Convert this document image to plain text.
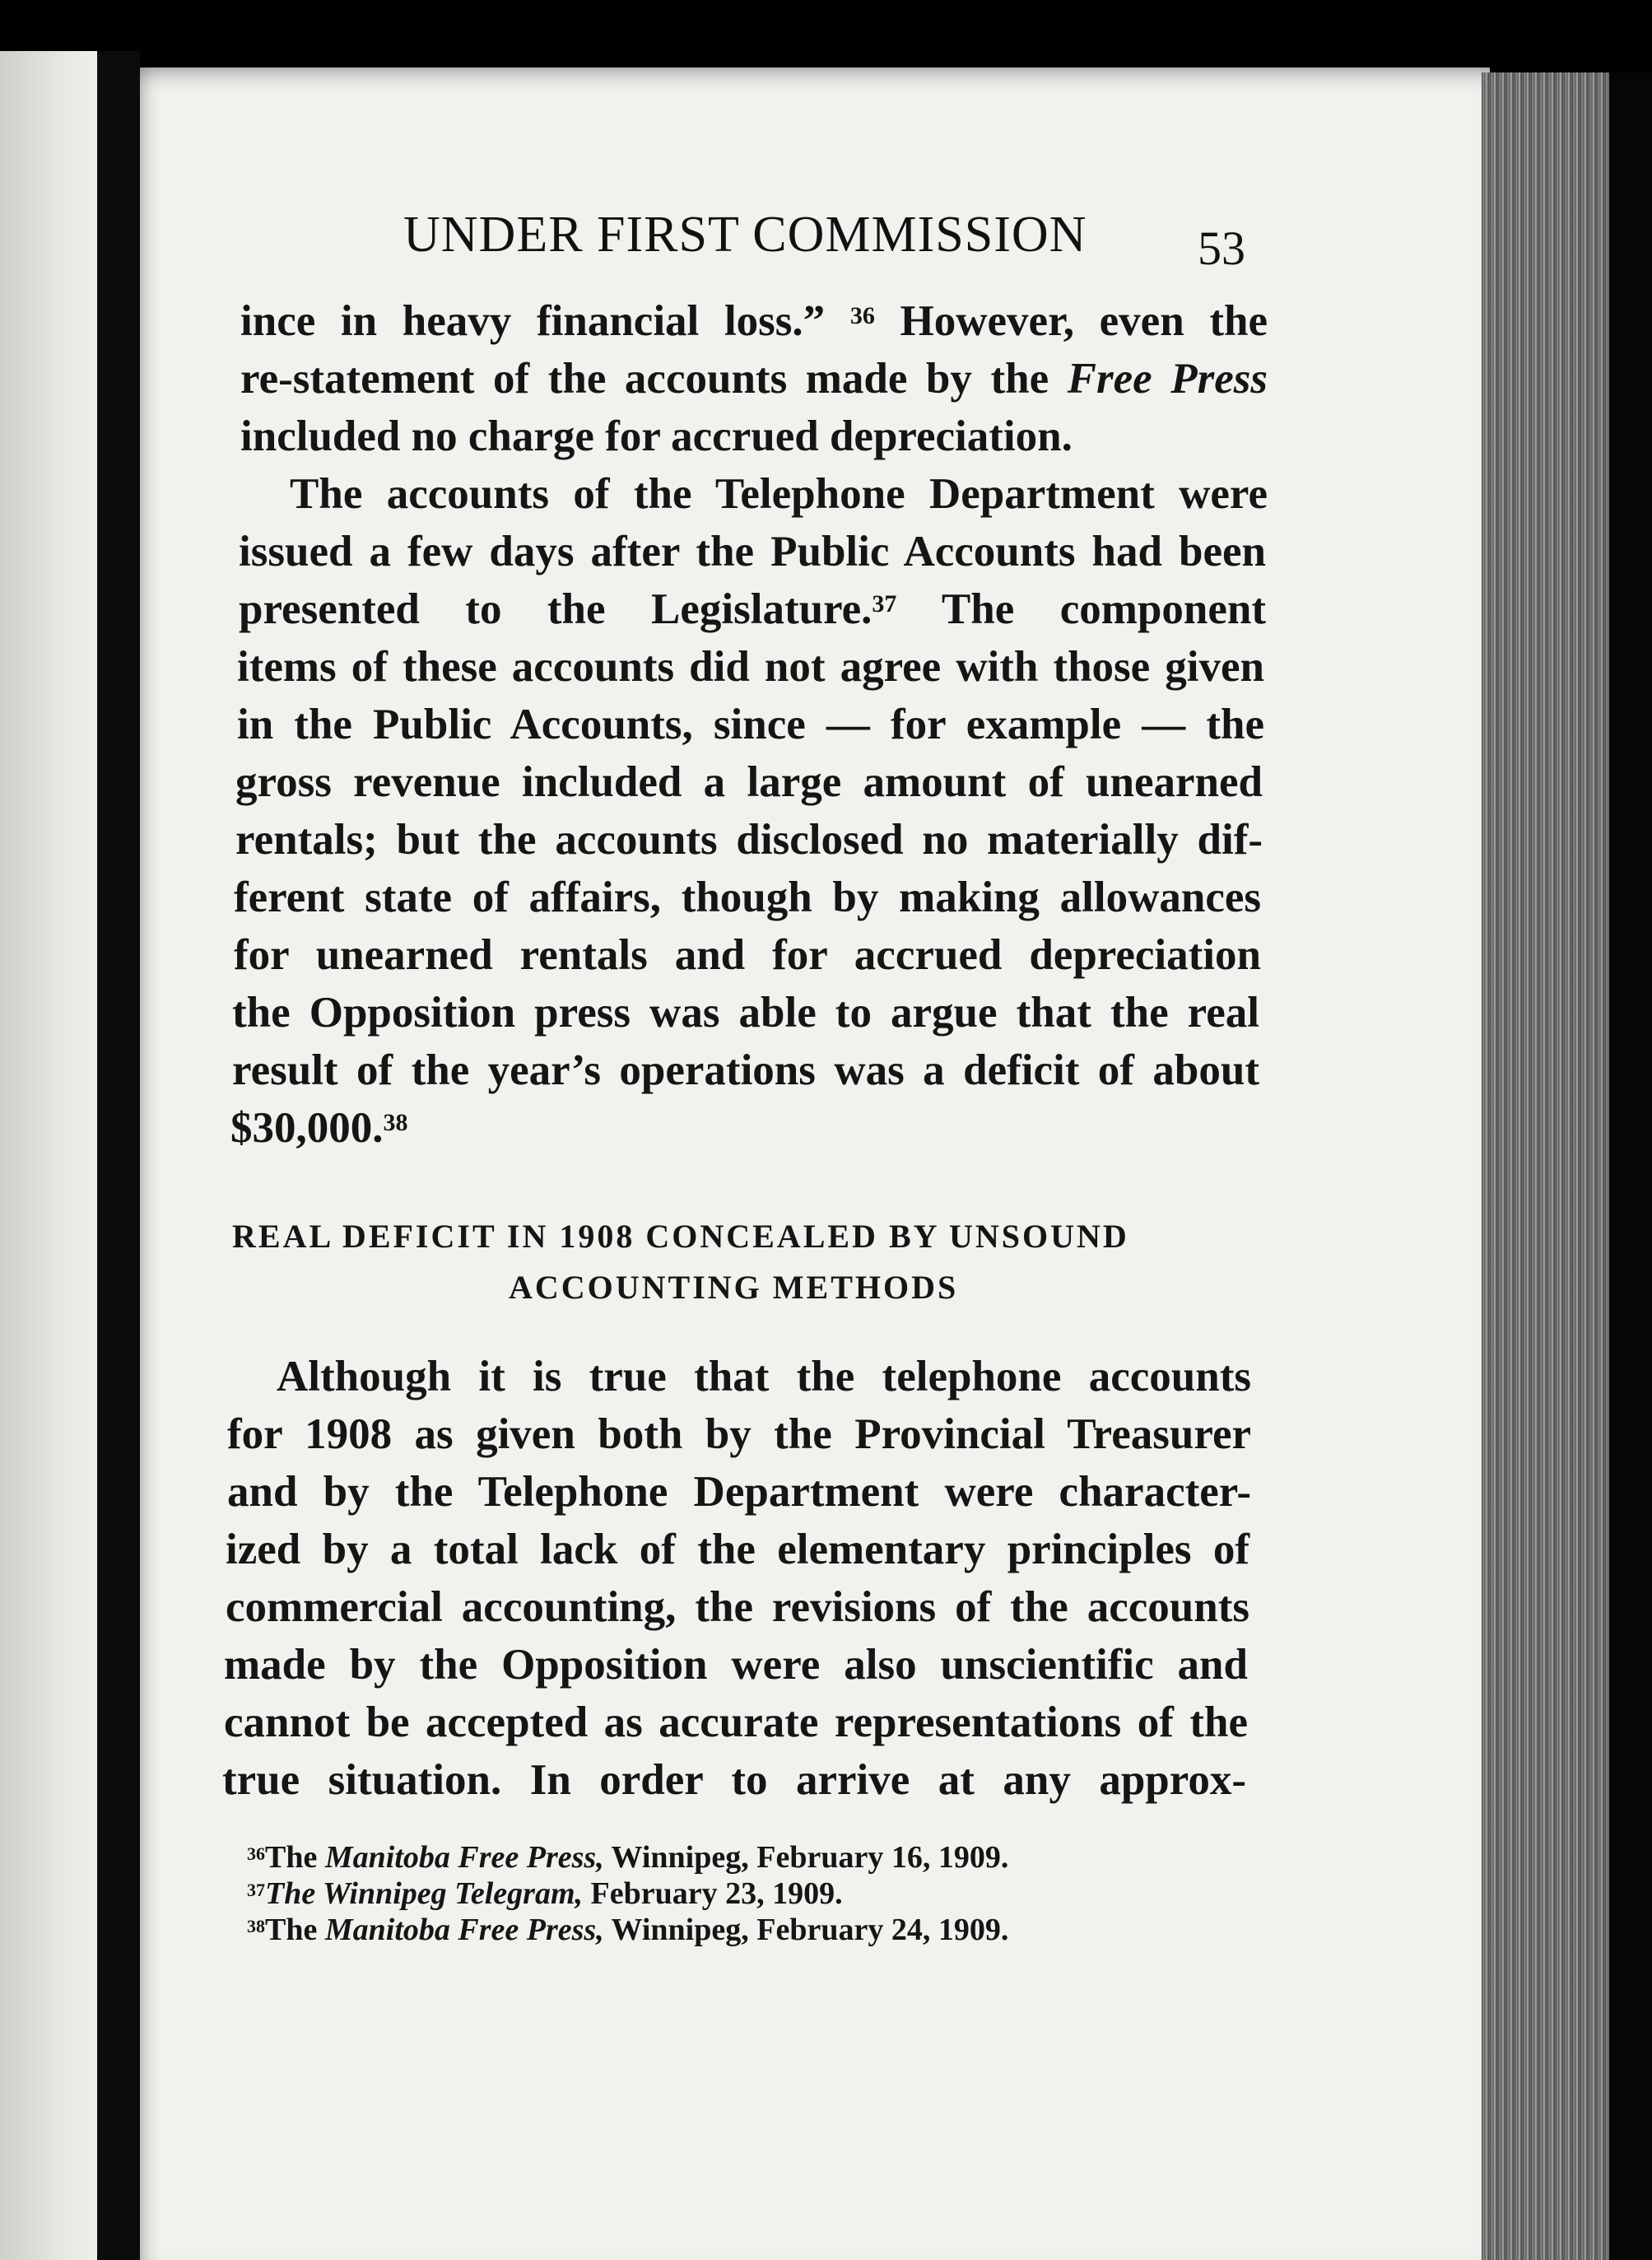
UNDER FIRST COMMISSION 53
ince in heavy financial loss.” $^{36}$ However, even the
re-statement of the accounts made by the Free Press
included no charge for accrued depreciation.
The accounts of the Telephone Department were
issued a few days after the Public Accounts had been
presented to the Legislature.$^{37}$ The component
items of these accounts did not agree with those given
in the Public Accounts, since — for example — the
gross revenue included a large amount of unearned
rentals; but the accounts disclosed no materially dif-
ferent state of affairs, though by making allowances
for unearned rentals and for accrued depreciation
the Opposition press was able to argue that the real
result of the year’s operations was a deficit of about
$30,000.38
REAL DEFICIT IN 1908 CONCEALED BY UNSOUND
ACCOUNTING METHODS
Although it is true that the telephone accounts
for 1908 as given both by the Provincial Treasurer
and by the Telephone Department were character-
ized by a total lack of the elementary principles of
commercial accounting, the revisions of the accounts
made by the Opposition were also unscientific and
cannot be accepted as accurate representations of the
true situation. In order to arrive at any approx-
$^{36}$The Manitoba Free Press, Winnipeg, February 16, 1909.
$^{37}$The Winnipeg Telegram, February 23, 1909.
$^{38}$The Manitoba Free Press, Winnipeg, February 24, 1909.
